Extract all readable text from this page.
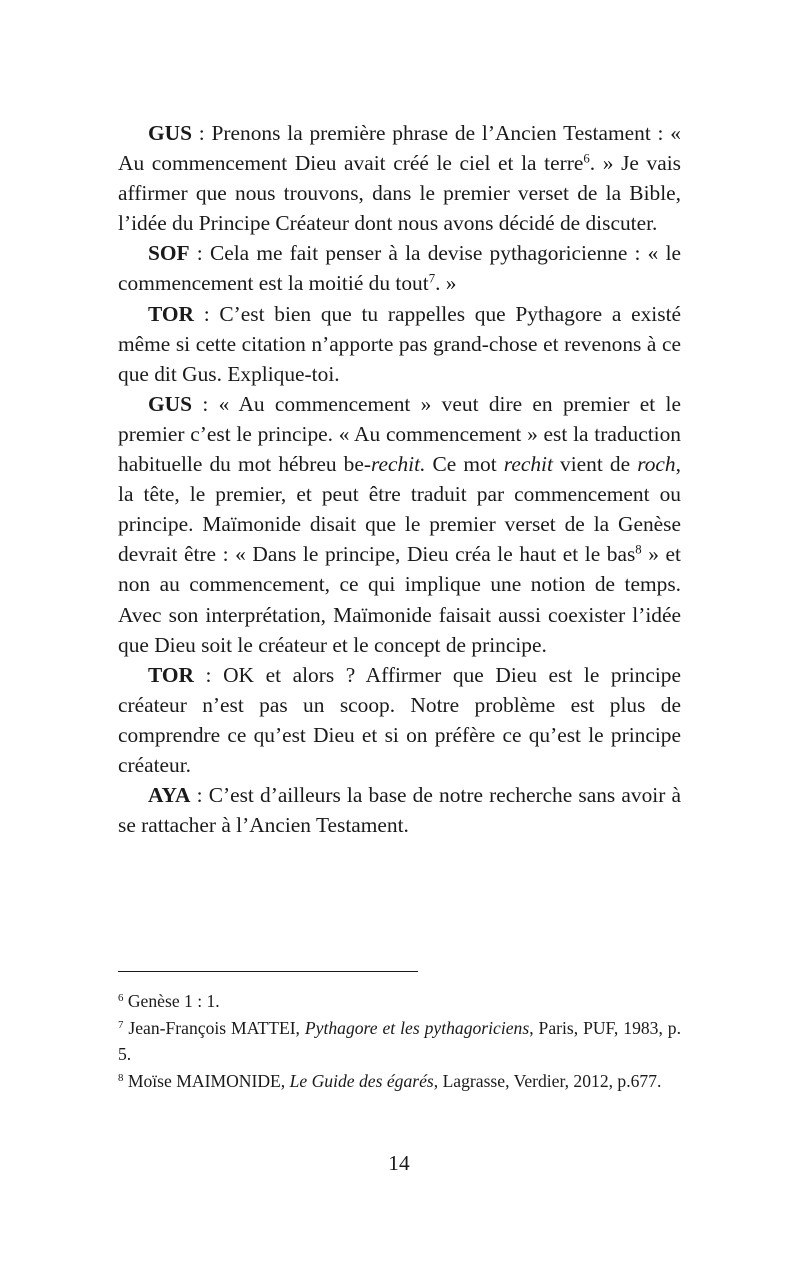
GUS : Prenons la première phrase de l’Ancien Testament : « Au commencement Dieu avait créé le ciel et la terre$^6$. » Je vais affirmer que nous trouvons, dans le premier verset de la Bible, l’idée du Principe Créateur dont nous avons décidé de discuter.

SOF : Cela me fait penser à la devise pythagoricienne : « le commencement est la moitié du tout$^7$. »

TOR : C’est bien que tu rappelles que Pythagore a existé même si cette citation n’apporte pas grand-chose et revenons à ce que dit Gus. Explique-toi.

GUS : « Au commencement » veut dire en premier et le premier c’est le principe. « Au commencement » est la traduction habituelle du mot hébreu be-rechit. Ce mot rechit vient de roch, la tête, le premier, et peut être traduit par commencement ou principe. Maïmonide disait que le premier verset de la Genèse devrait être : « Dans le principe, Dieu créa le haut et le bas$^8$ » et non au commencement, ce qui implique une notion de temps. Avec son interprétation, Maïmonide faisait aussi coexister l’idée que Dieu soit le créateur et le concept de principe.

TOR : OK et alors ? Affirmer que Dieu est le principe créateur n’est pas un scoop. Notre problème est plus de comprendre ce qu’est Dieu et si on préfère ce qu’est le principe créateur.

AYA : C’est d’ailleurs la base de notre recherche sans avoir à se rattacher à l’Ancien Testament.

$^6$ Genèse 1 : 1.

$^7$ Jean-François MATTEI, Pythagore et les pythagoriciens, Paris, PUF, 1983, p. 5.

$^8$ Moïse MAIMONIDE, Le Guide des égarés, Lagrasse, Verdier, 2012, p.677.

14
